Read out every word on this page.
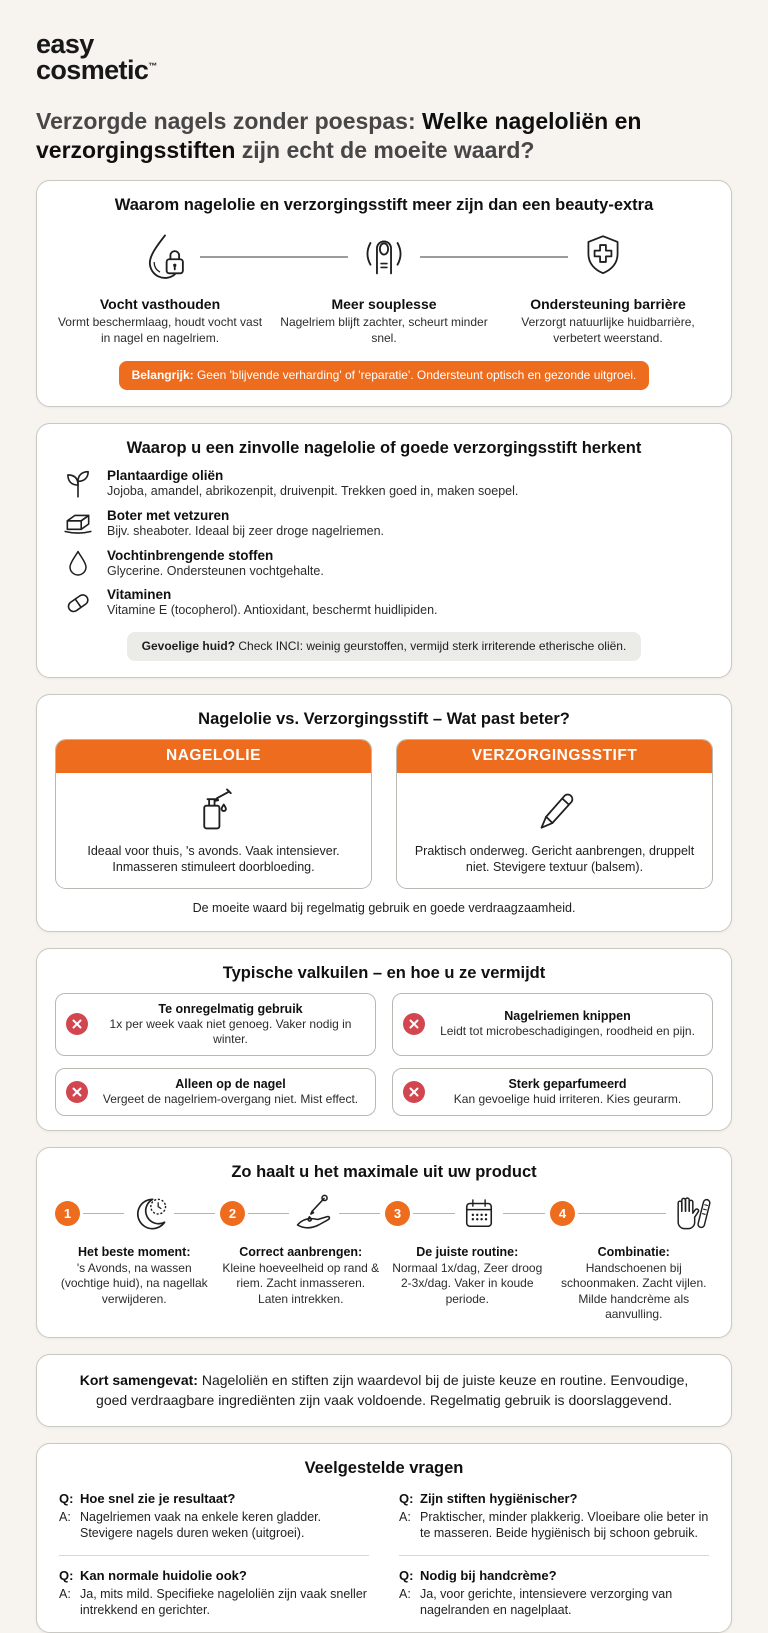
easy
cosmetic™
Verzorgde nagels zonder poespas: Welke nageloliën en verzorgingsstiften zijn echt de moeite waard?
Waarom nagelolie en verzorgingsstift meer zijn dan een beauty-extra
Vocht vasthouden

Vormt beschermlaag, houdt vocht vast in nagel en nagelriem.

Meer souplesse

Nagelriem blijft zachter, scheurt minder snel.

Ondersteuning barrière

Verzorgt natuurlijke huidbarrière, verbetert weerstand.

Belangrijk: Geen 'blijvende verharding' of 'reparatie'. Ondersteunt optisch en gezonde uitgroei.
Waarop u een zinvolle nagelolie of goede verzorgingsstift herkent
Plantaardige oliën

Jojoba, amandel, abrikozenpit, druivenpit. Trekken goed in, maken soepel.

Boter met vetzuren

Bijv. sheaboter. Ideaal bij zeer droge nagelriemen.

Vochtinbrengende stoffen

Glycerine. Ondersteunen vochtgehalte.

Vitaminen

Vitamine E (tocopherol). Antioxidant, beschermt huidlipiden.

Gevoelige huid? Check INCI: weinig geurstoffen, vermijd sterk irriterende etherische oliën.
Nagelolie vs. Verzorgingsstift – Wat past beter?
NAGELOLIE

Ideaal voor thuis, 's avonds. Vaak intensiever. Inmasseren stimuleert doorbloeding.

VERZORGINGSSTIFT

Praktisch onderweg. Gericht aanbrengen, druppelt niet. Stevigere textuur (balsem).

De moeite waard bij regelmatig gebruik en goede verdraagzaamheid.

Typische valkuilen – en hoe u ze vermijdt
Te onregelmatig gebruik

1x per week vaak niet genoeg. Vaker nodig in winter.

Nagelriemen knippen

Leidt tot microbeschadigingen, roodheid en pijn.

Alleen op de nagel

Vergeet de nagelriem-overgang niet. Mist effect.

Sterk geparfumeerd

Kan gevoelige huid irriteren. Kies geurarm.

Zo haalt u het maximale uit uw product
1	2	3	4
Het beste moment:

's Avonds, na wassen (vochtige huid), na nagellak verwijderen.

Correct aanbrengen:

Kleine hoeveelheid op rand & riem. Zacht inmasseren. Laten intrekken.

De juiste routine:

Normaal 1x/dag, Zeer droog 2-3x/dag. Vaker in koude periode.

Combinatie:

Handschoenen bij schoonmaken. Zacht vijlen. Milde handcrème als aanvulling.

Kort samengevat: Nageloliën en stiften zijn waardevol bij de juiste keuze en routine. Eenvoudige, goed verdraagbare ingrediënten zijn vaak voldoende. Regelmatig gebruik is doorslaggevend.

Veelgestelde vragen
Q: Hoe snel zie je resultaat?
A: Nagelriemen vaak na enkele keren gladder. Stevigere nagels duren weken (uitgroei).
Q: Zijn stiften hygiënischer?
A: Praktischer, minder plakkerig. Vloeibare olie beter in te masseren. Beide hygiënisch bij schoon gebruik.
Q: Kan normale huidolie ook?
A: Ja, mits mild. Specifieke nageloliën zijn vaak sneller intrekkend en gerichter.
Q: Nodig bij handcrème?
A: Ja, voor gerichte, intensievere verzorging van nagelranden en nagelplaat.
